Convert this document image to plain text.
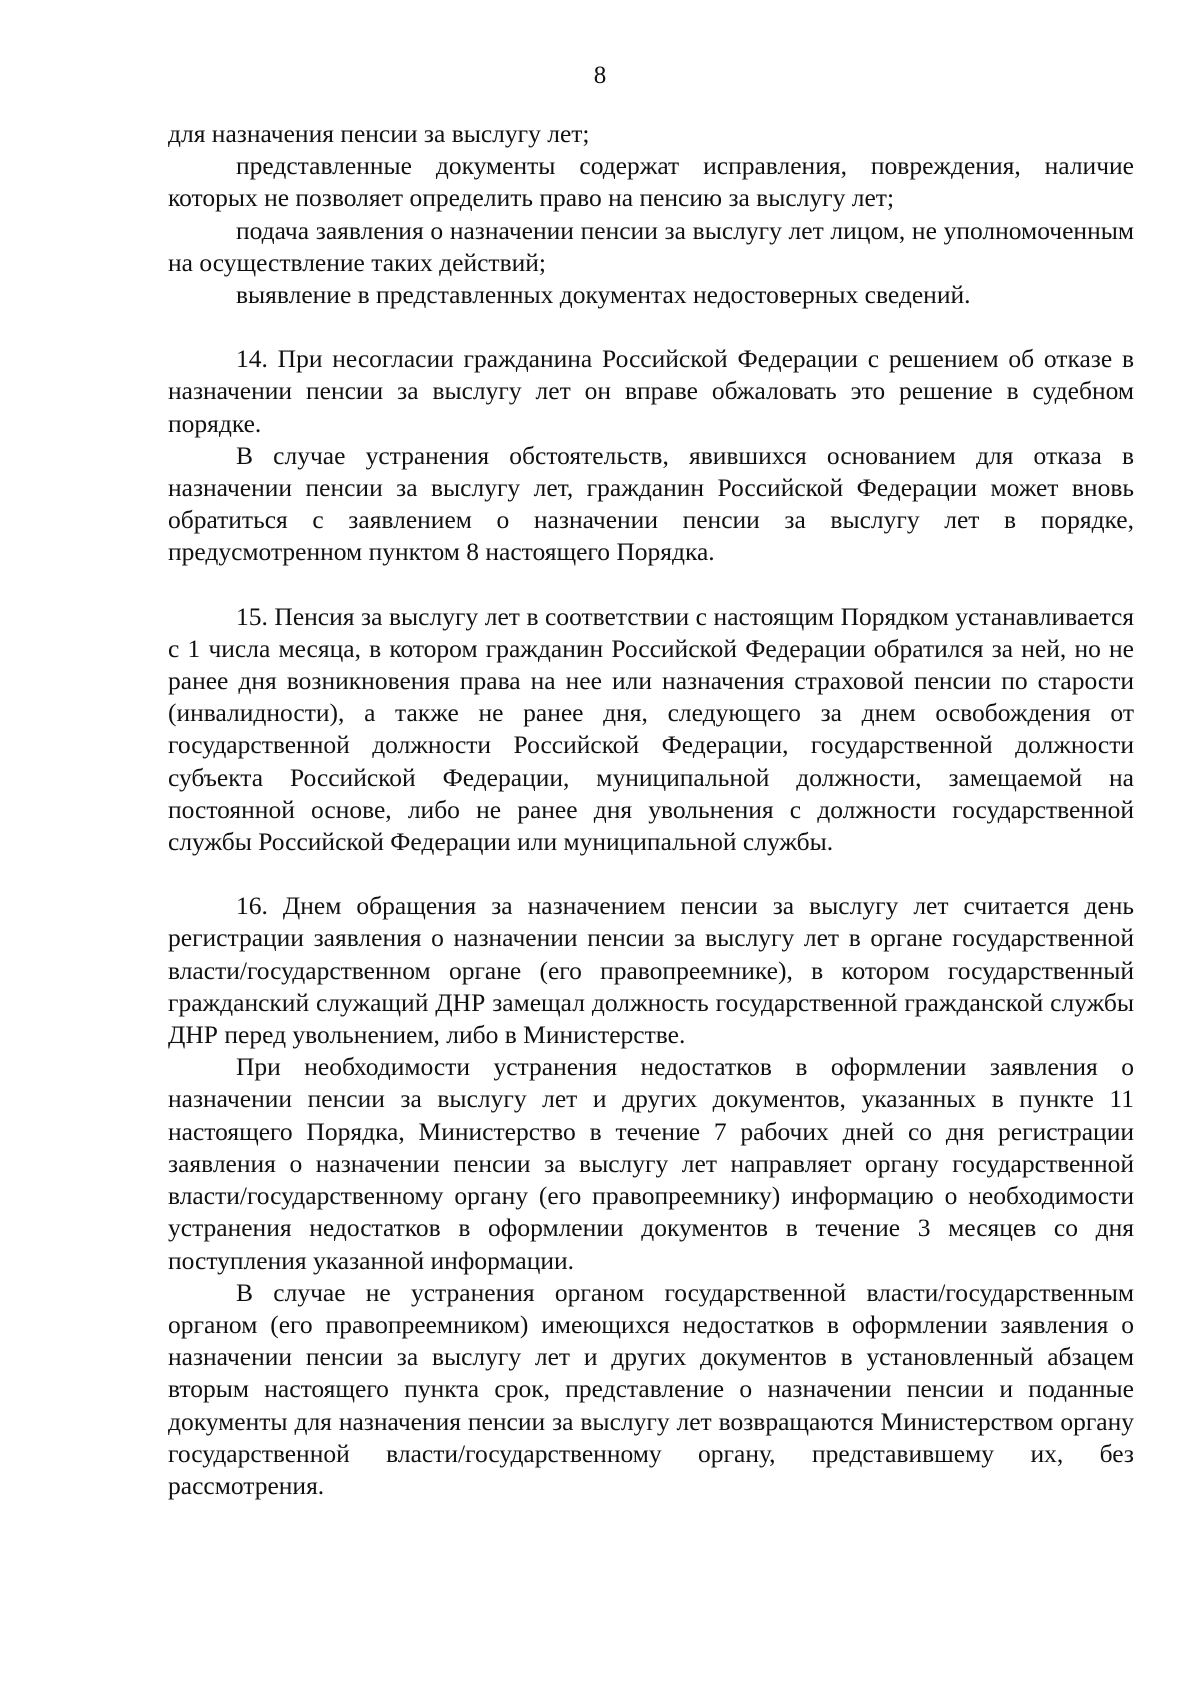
8

для назначения пенсии за выслугу лет;

представленные документы содержат исправления, повреждения, наличие которых не позволяет определить право на пенсию за выслугу лет;

подача заявления о назначении пенсии за выслугу лет лицом, не уполномоченным на осуществление таких действий;

выявление в представленных документах недостоверных сведений.

14. При несогласии гражданина Российской Федерации с решением об отказе в назначении пенсии за выслугу лет он вправе обжаловать это решение в судебном порядке.

В случае устранения обстоятельств, явившихся основанием для отказа в назначении пенсии за выслугу лет, гражданин Российской Федерации может вновь обратиться с заявлением о назначении пенсии за выслугу лет в порядке, предусмотренном пунктом 8 настоящего Порядка.

15. Пенсия за выслугу лет в соответствии с настоящим Порядком устанавливается с 1 числа месяца, в котором гражданин Российской Федерации обратился за ней, но не ранее дня возникновения права на нее или назначения страховой пенсии по старости (инвалидности), а также не ранее дня, следующего за днем освобождения от государственной должности Российской Федерации, государственной должности субъекта Российской Федерации, муниципальной должности, замещаемой на постоянной основе, либо не ранее дня увольнения с должности государственной службы Российской Федерации или муниципальной службы.

16. Днем обращения за назначением пенсии за выслугу лет считается день регистрации заявления о назначении пенсии за выслугу лет в органе государственной власти/государственном органе (его правопреемнике), в котором государственный гражданский служащий ДНР замещал должность государственной гражданской службы ДНР перед увольнением, либо в Министерстве.

При необходимости устранения недостатков в оформлении заявления о назначении пенсии за выслугу лет и других документов, указанных в пункте 11 настоящего Порядка, Министерство в течение 7 рабочих дней со дня регистрации заявления о назначении пенсии за выслугу лет направляет органу государственной власти/государственному органу (его правопреемнику) информацию о необходимости устранения недостатков в оформлении документов в течение 3 месяцев со дня поступления указанной информации.

В случае не устранения органом государственной власти/государственным органом (его правопреемником) имеющихся недостатков в оформлении заявления о назначении пенсии за выслугу лет и других документов в установленный абзацем вторым настоящего пункта срок, представление о назначении пенсии и поданные документы для назначения пенсии за выслугу лет возвращаются Министерством органу государственной власти/государственному органу, представившему их, без рассмотрения.
